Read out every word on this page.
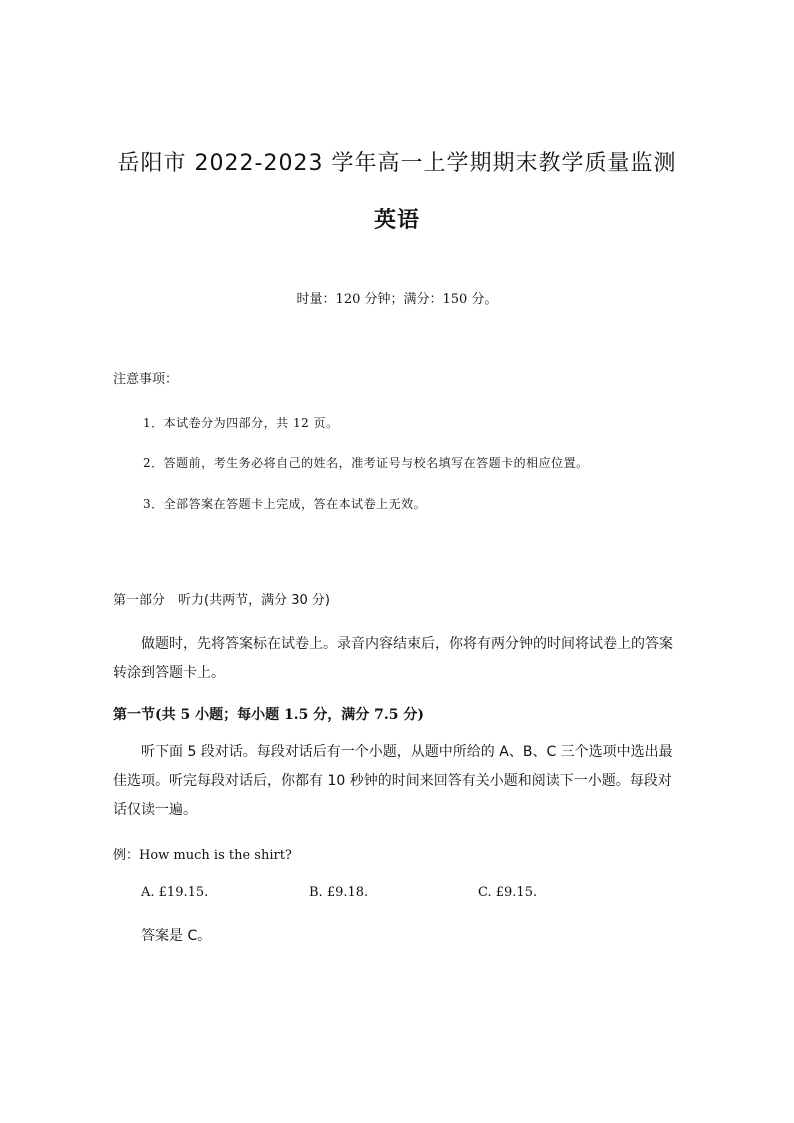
岳阳市 2022-2023 学年高一上学期期末教学质量监测
英语
时量：120 分钟；满分：150 分。
注意事项：
1．本试卷分为四部分，共 12 页。
2．答题前，考生务必将自己的姓名，准考证号与校名填写在答题卡的相应位置。
3．全部答案在答题卡上完成，答在本试卷上无效。
第一部分　听力(共两节，满分 30 分)
做题时，先将答案标在试卷上。录音内容结束后，你将有两分钟的时间将试卷上的答案转涂到答题卡上。
第一节(共 5 小题；每小题 1.5 分，满分 7.5 分)
听下面 5 段对话。每段对话后有一个小题，从题中所给的 A、B、C 三个选项中选出最佳选项。听完每段对话后，你都有 10 秒钟的时间来回答有关小题和阅读下一小题。每段对话仅读一遍。
例：How much is the shirt?
A. £19.15.	B. £9.18.	C. £9.15.
答案是 C。
